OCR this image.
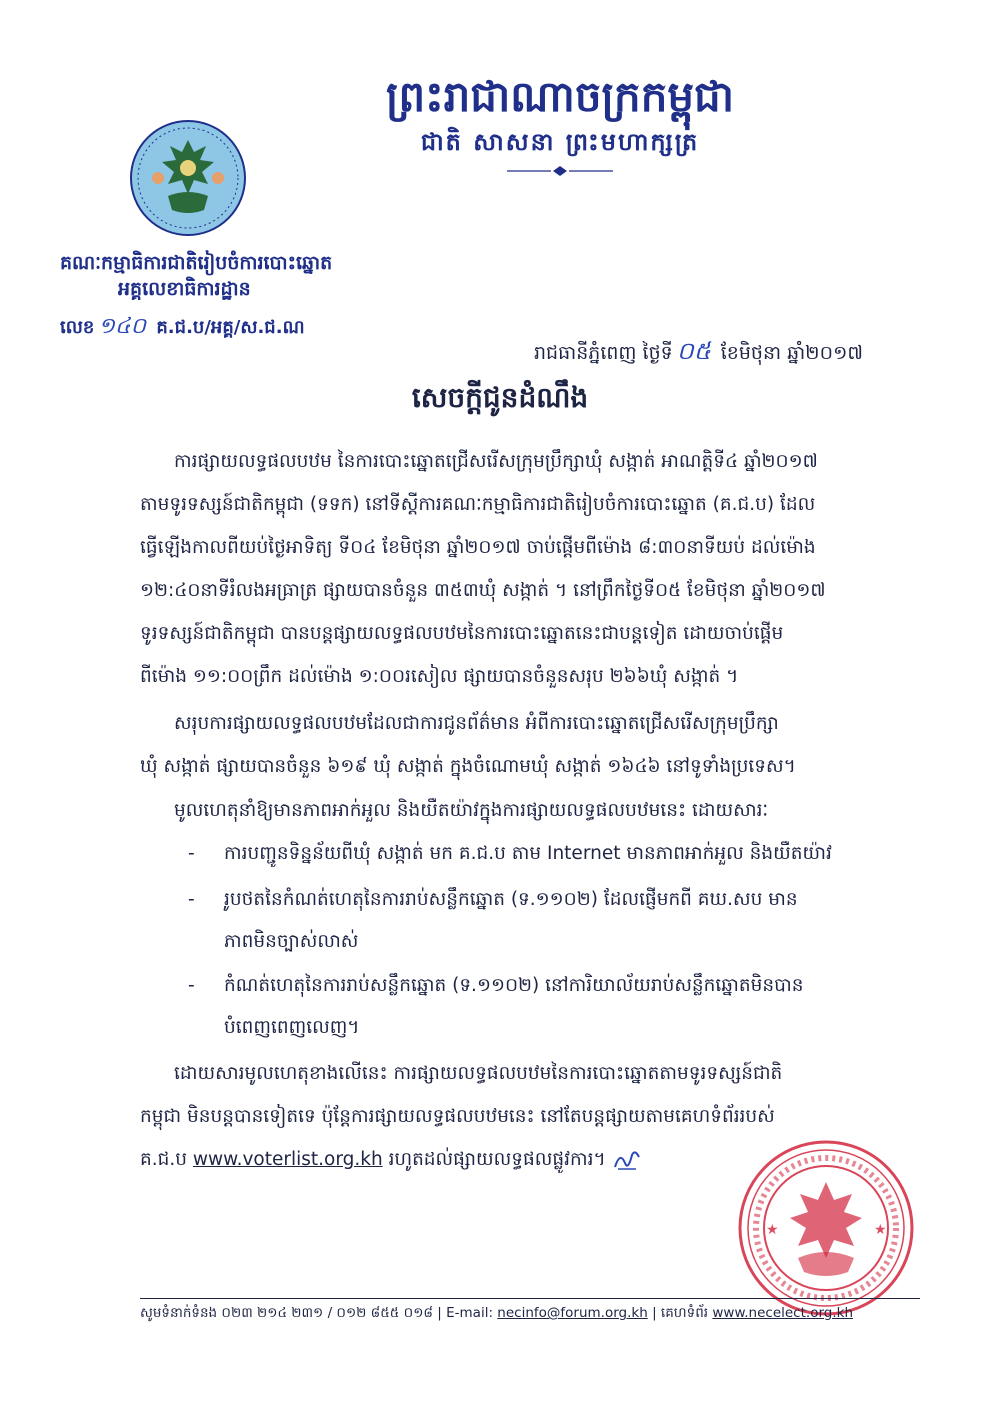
ព្រះរាជាណាចក្រកម្ពុជា
ជាតិ សាសនា ព្រះមហាក្សត្រ
គណៈកម្មាធិការជាតិរៀបចំការបោះឆ្នោត
អគ្គលេខាធិការដ្ឋាន
លេខ ១៤០ គ.ជ.ប/អគ្គ/ស.ជ.ណ
រាជធានីភ្នំពេញ ថ្ងៃទី ០៥ ខែមិថុនា ឆ្នាំ២០១៧
សេចក្តីជូនដំណឹង
ការផ្សាយលទ្ធផលបឋម នៃការបោះឆ្នោតជ្រើសរើសក្រុមប្រឹក្សាឃុំ សង្កាត់ អាណត្តិទី៤ ឆ្នាំ២០១៧
តាមទូរទស្សន៍ជាតិកម្ពុជា (ទទក) នៅទីស្តីការគណៈកម្មាធិការជាតិរៀបចំការបោះឆ្នោត (គ.ជ.ប) ដែល
ធ្វើឡើងកាលពីយប់ថ្ងៃអាទិត្យ ទី០៤ ខែមិថុនា ឆ្នាំ២០១៧ ចាប់ផ្តើមពីម៉ោង ៨:៣០នាទីយប់ ដល់ម៉ោង
១២:៤០នាទីរំលងអធ្រាត្រ ផ្សាយបានចំនួន ៣៥៣ឃុំ សង្កាត់ ។ នៅព្រឹកថ្ងៃទី០៥ ខែមិថុនា ឆ្នាំ២០១៧
ទូរទស្សន៍ជាតិកម្ពុជា បានបន្តផ្សាយលទ្ធផលបឋមនៃការបោះឆ្នោតនេះជាបន្តទៀត ដោយចាប់ផ្តើម
ពីម៉ោង ១១:០០ព្រឹក ដល់ម៉ោង ១:០០រសៀល ផ្សាយបានចំនួនសរុប ២៦៦ឃុំ សង្កាត់ ។
សរុបការផ្សាយលទ្ធផលបឋមដែលជាការជូនព័ត៌មាន អំពីការបោះឆ្នោតជ្រើសរើសក្រុមប្រឹក្សា
ឃុំ សង្កាត់ ផ្សាយបានចំនួន ៦១៩ ឃុំ សង្កាត់ ក្នុងចំណោមឃុំ សង្កាត់ ១៦៤៦ នៅទូទាំងប្រទេស។
មូលហេតុនាំឱ្យមានភាពអាក់អួល និងយឺតយ៉ាវក្នុងការផ្សាយលទ្ធផលបឋមនេះ ដោយសារៈ
- ការបញ្ជូនទិន្នន័យពីឃុំ សង្កាត់ មក គ.ជ.ប តាម Internet មានភាពអាក់អួល និងយឺតយ៉ាវ
- រូបថតនៃកំណត់ហេតុនៃការរាប់សន្លឹកឆ្នោត (ទ.១១០២) ដែលផ្ញើមកពី គឃ.សប មាន
ភាពមិនច្បាស់លាស់
- កំណត់ហេតុនៃការរាប់សន្លឹកឆ្នោត (ទ.១១០២) នៅការិយាល័យរាប់សន្លឹកឆ្នោតមិនបាន
បំពេញពេញលេញ។
ដោយសារមូលហេតុខាងលើនេះ ការផ្សាយលទ្ធផលបឋមនៃការបោះឆ្នោតតាមទូរទស្សន៍ជាតិ
កម្ពុជា មិនបន្តបានទៀតទេ ប៉ុន្តែការផ្សាយលទ្ធផលបឋមនេះ នៅតែបន្តផ្សាយតាមគេហទំព័ររបស់
គ.ជ.ប www.voterlist.org.kh រហូតដល់ផ្សាយលទ្ធផលផ្លូវការ។
★	★
សូមទំនាក់ទំនង ០២៣ ២១៤ ២៣១ / ០១២ ៨៥៥ ០១៨ | E-mail: necinfo@forum.org.kh | គេហទំព័រ www.necelect.org.kh
